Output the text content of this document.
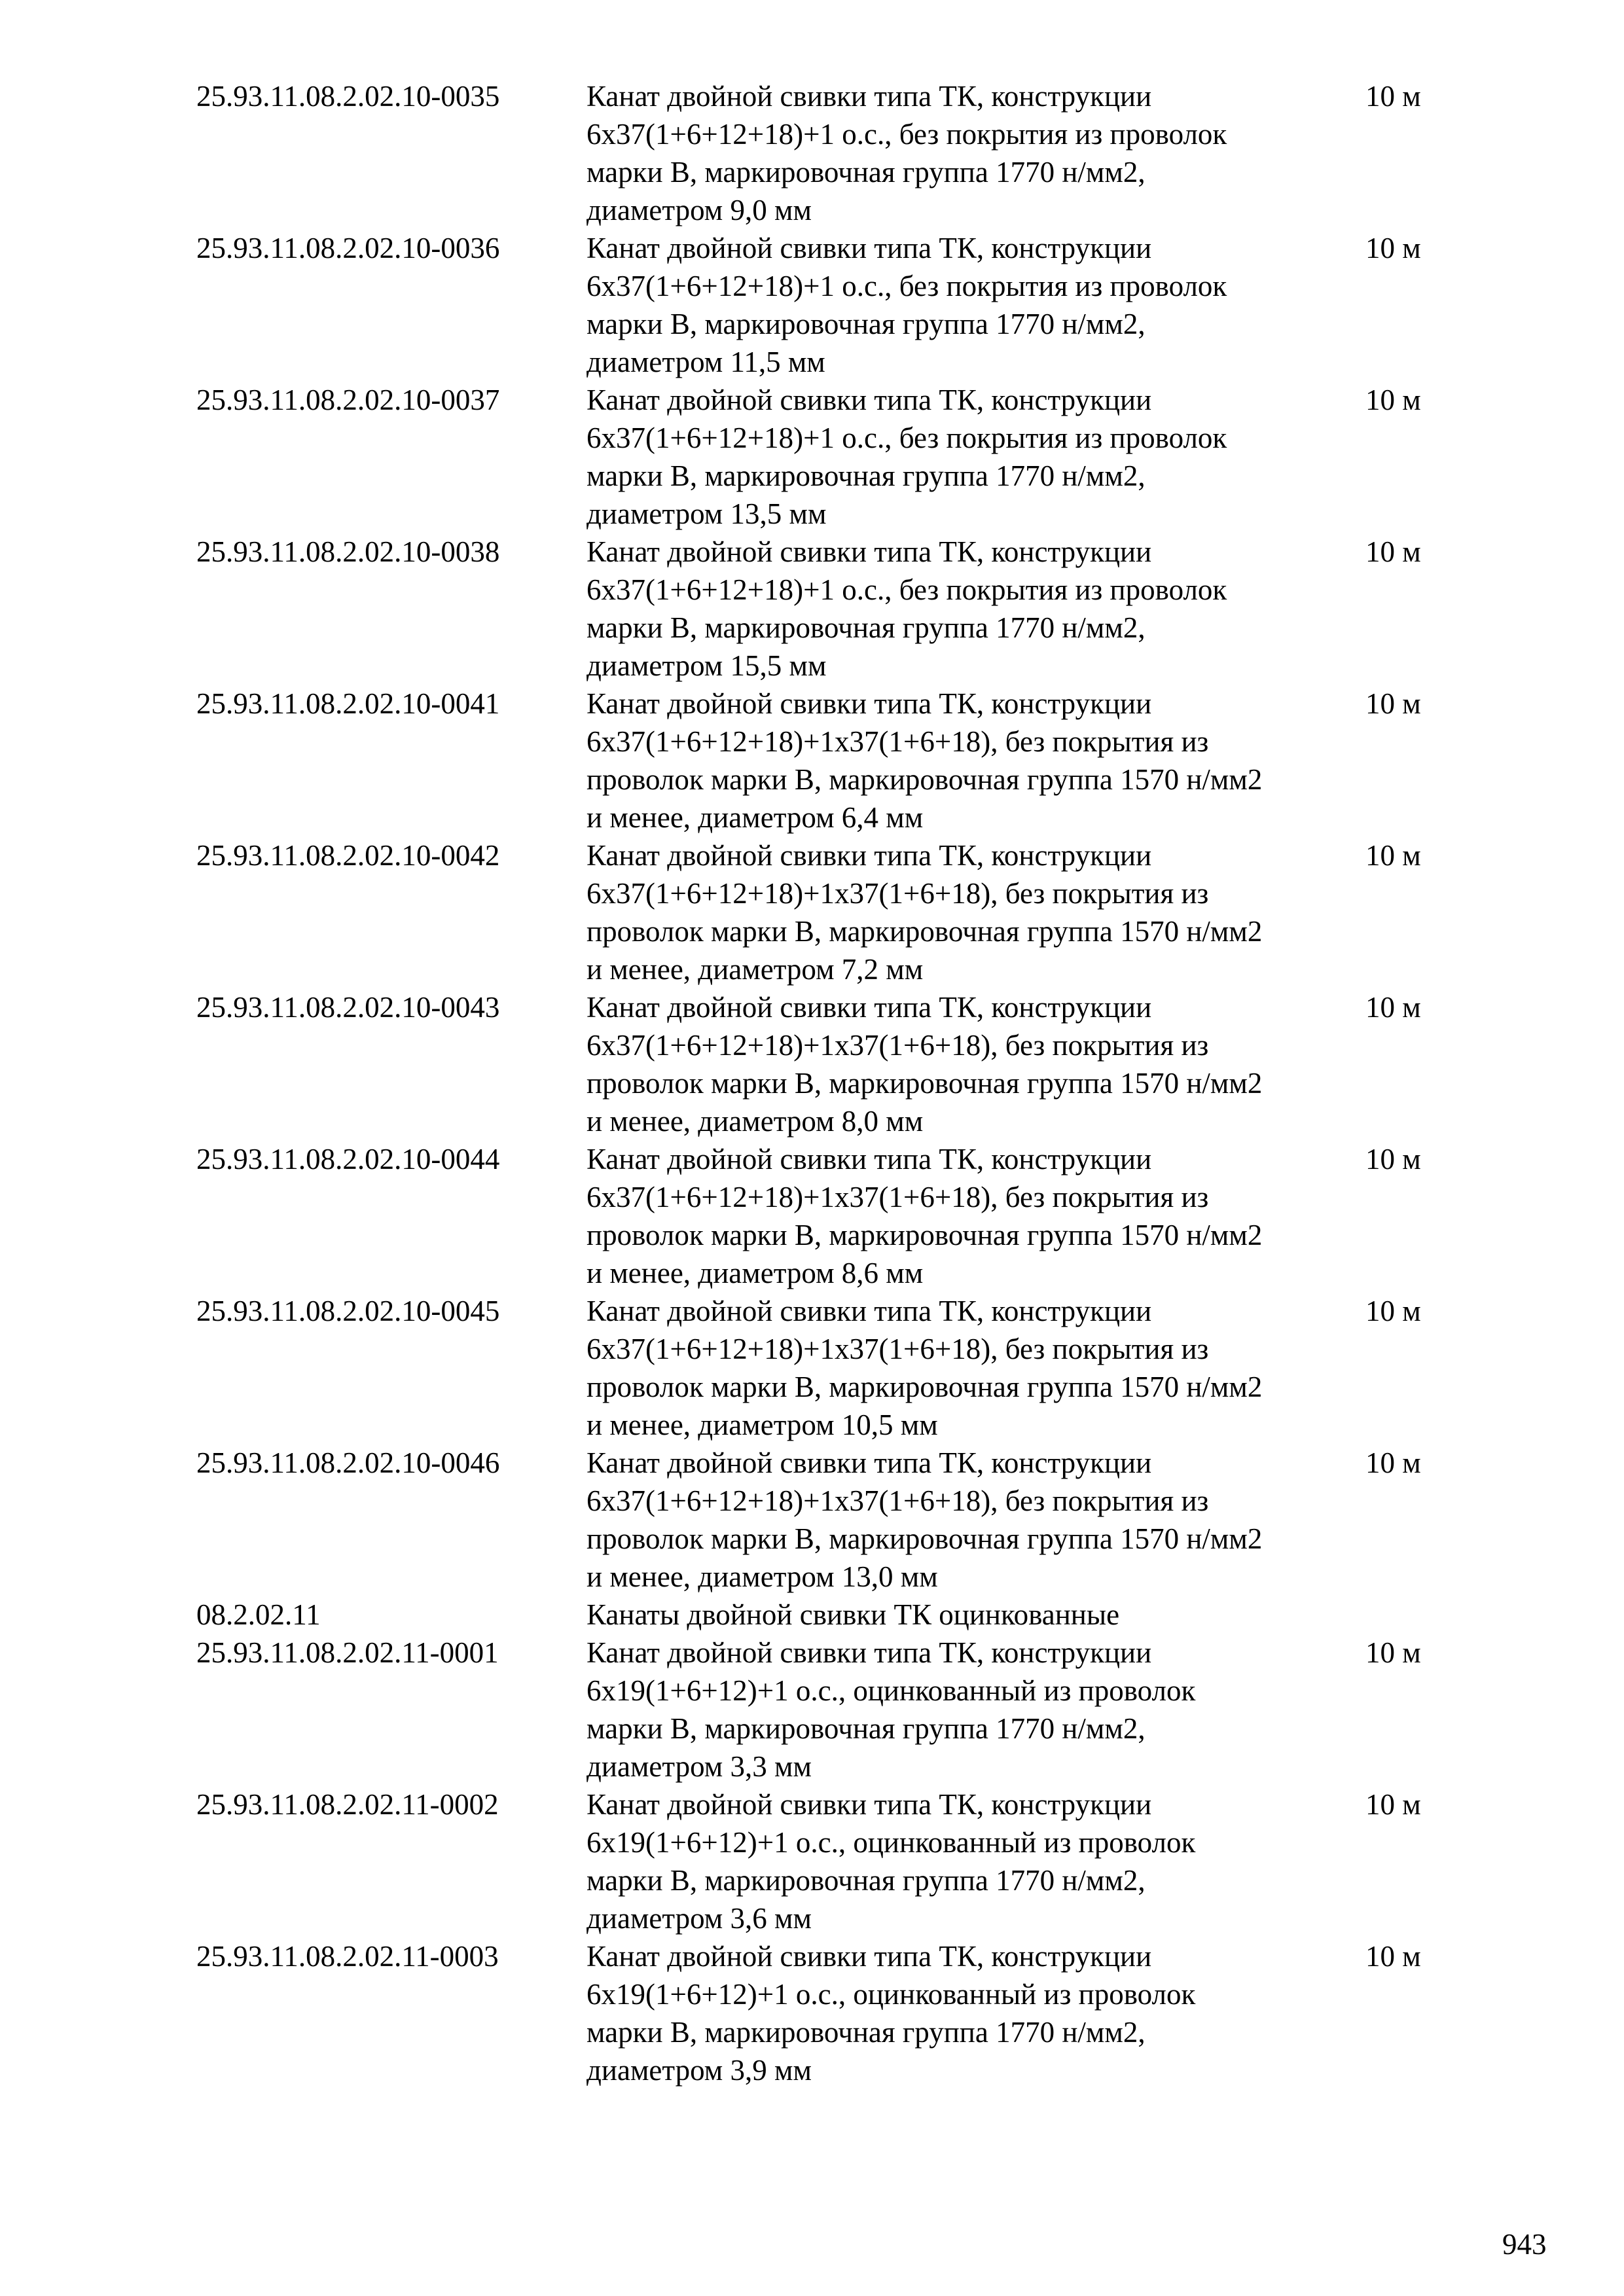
25.93.11.08.2.02.10-0035	Канат двойной свивки типа ТК, конструкции
6х37(1+6+12+18)+1 о.с., без покрытия из проволок
марки В, маркировочная группа 1770 н/мм2,
диаметром 9,0 мм
10 м
25.93.11.08.2.02.10-0036	Канат двойной свивки типа ТК, конструкции
6х37(1+6+12+18)+1 о.с., без покрытия из проволок
марки В, маркировочная группа 1770 н/мм2,
диаметром 11,5 мм
10 м
25.93.11.08.2.02.10-0037	Канат двойной свивки типа ТК, конструкции
6х37(1+6+12+18)+1 о.с., без покрытия из проволок
марки В, маркировочная группа 1770 н/мм2,
диаметром 13,5 мм
10 м
25.93.11.08.2.02.10-0038	Канат двойной свивки типа ТК, конструкции
6х37(1+6+12+18)+1 о.с., без покрытия из проволок
марки В, маркировочная группа 1770 н/мм2,
диаметром 15,5 мм
10 м
25.93.11.08.2.02.10-0041	Канат двойной свивки типа ТК, конструкции
6х37(1+6+12+18)+1х37(1+6+18), без покрытия из
проволок марки В, маркировочная группа 1570 н/мм2
и менее, диаметром 6,4 мм
10 м
25.93.11.08.2.02.10-0042	Канат двойной свивки типа ТК, конструкции
6х37(1+6+12+18)+1х37(1+6+18), без покрытия из
проволок марки В, маркировочная группа 1570 н/мм2
и менее, диаметром 7,2 мм
10 м
25.93.11.08.2.02.10-0043	Канат двойной свивки типа ТК, конструкции
6х37(1+6+12+18)+1х37(1+6+18), без покрытия из
проволок марки В, маркировочная группа 1570 н/мм2
и менее, диаметром 8,0 мм
10 м
25.93.11.08.2.02.10-0044	Канат двойной свивки типа ТК, конструкции
6х37(1+6+12+18)+1х37(1+6+18), без покрытия из
проволок марки В, маркировочная группа 1570 н/мм2
и менее, диаметром 8,6 мм
10 м
25.93.11.08.2.02.10-0045	Канат двойной свивки типа ТК, конструкции
6х37(1+6+12+18)+1х37(1+6+18), без покрытия из
проволок марки В, маркировочная группа 1570 н/мм2
и менее, диаметром 10,5 мм
10 м
25.93.11.08.2.02.10-0046	Канат двойной свивки типа ТК, конструкции
6х37(1+6+12+18)+1х37(1+6+18), без покрытия из
проволок марки В, маркировочная группа 1570 н/мм2
и менее, диаметром 13,0 мм
10 м
08.2.02.11	Канаты двойной свивки ТК оцинкованные
25.93.11.08.2.02.11-0001	Канат двойной свивки типа ТК, конструкции
6х19(1+6+12)+1 о.с., оцинкованный из проволок
марки В, маркировочная группа 1770 н/мм2,
диаметром 3,3 мм
10 м
25.93.11.08.2.02.11-0002	Канат двойной свивки типа ТК, конструкции
6х19(1+6+12)+1 о.с., оцинкованный из проволок
марки В, маркировочная группа 1770 н/мм2,
диаметром 3,6 мм
10 м
25.93.11.08.2.02.11-0003	Канат двойной свивки типа ТК, конструкции
6х19(1+6+12)+1 о.с., оцинкованный из проволок
марки В, маркировочная группа 1770 н/мм2,
диаметром 3,9 мм
10 м
943
